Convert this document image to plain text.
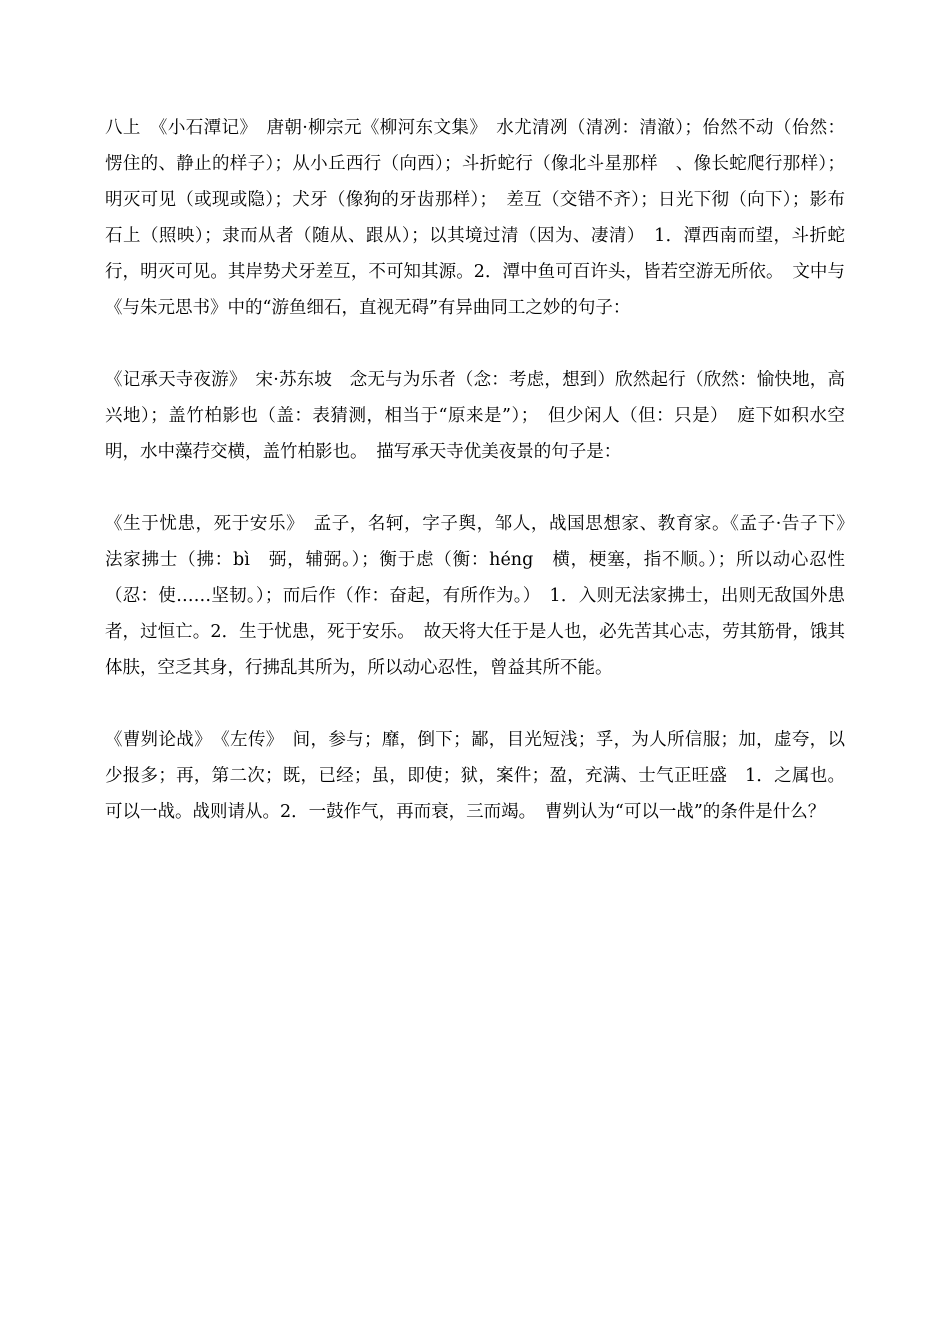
八上　《小石潭记》　唐朝·柳宗元《柳河东文集》　水尤清冽（清冽：清澈）；佁然不动（佁然：愣住的、静止的样子）；从小丘西行（向西）；斗折蛇行（像北斗星那样　、像长蛇爬行那样）；明灭可见（或现或隐）；犬牙（像狗的牙齿那样）；　差互（交错不齐）；日光下彻（向下）；影布石上（照映）；隶而从者（随从、跟从）；以其境过清（因为、凄清）　1．潭西南而望，斗折蛇行，明灭可见。其岸势犬牙差互，不可知其源。2．潭中鱼可百许头，皆若空游无所依。　文中与《与朱元思书》中的“游鱼细石，直视无碍”有异曲同工之妙的句子：

《记承天寺夜游》　宋·苏东坡　念无与为乐者（念：考虑，想到）欣然起行（欣然：愉快地，高兴地）；盖竹柏影也（盖：表猜测，相当于“原来是”）；　但少闲人（但：只是）　庭下如积水空明，水中藻荇交横，盖竹柏影也。　描写承天寺优美夜景的句子是：

《生于忧患，死于安乐》　孟子，名轲，字子舆，邹人，战国思想家、教育家。《孟子·告子下》　法家拂士（拂：bì　弼，辅弼。）；衡于虑（衡：héng　横，梗塞，指不顺。）；所以动心忍性（忍：使……坚韧。）；而后作（作：奋起，有所作为。）　1．入则无法家拂士，出则无敌国外患者，过恒亡。2．生于忧患，死于安乐。　故天将大任于是人也，必先苦其心志，劳其筋骨，饿其体肤，空乏其身，行拂乱其所为，所以动心忍性，曾益其所不能。

《曹刿论战》　《左传》　间，参与；靡，倒下；鄙，目光短浅；孚，为人所信服；加，虚夸，以少报多；再，第二次；既，已经；虽，即使；狱，案件；盈，充满、士气正旺盛　1．之属也。可以一战。战则请从。2．一鼓作气，再而衰，三而竭。　曹刿认为“可以一战”的条件是什么？
